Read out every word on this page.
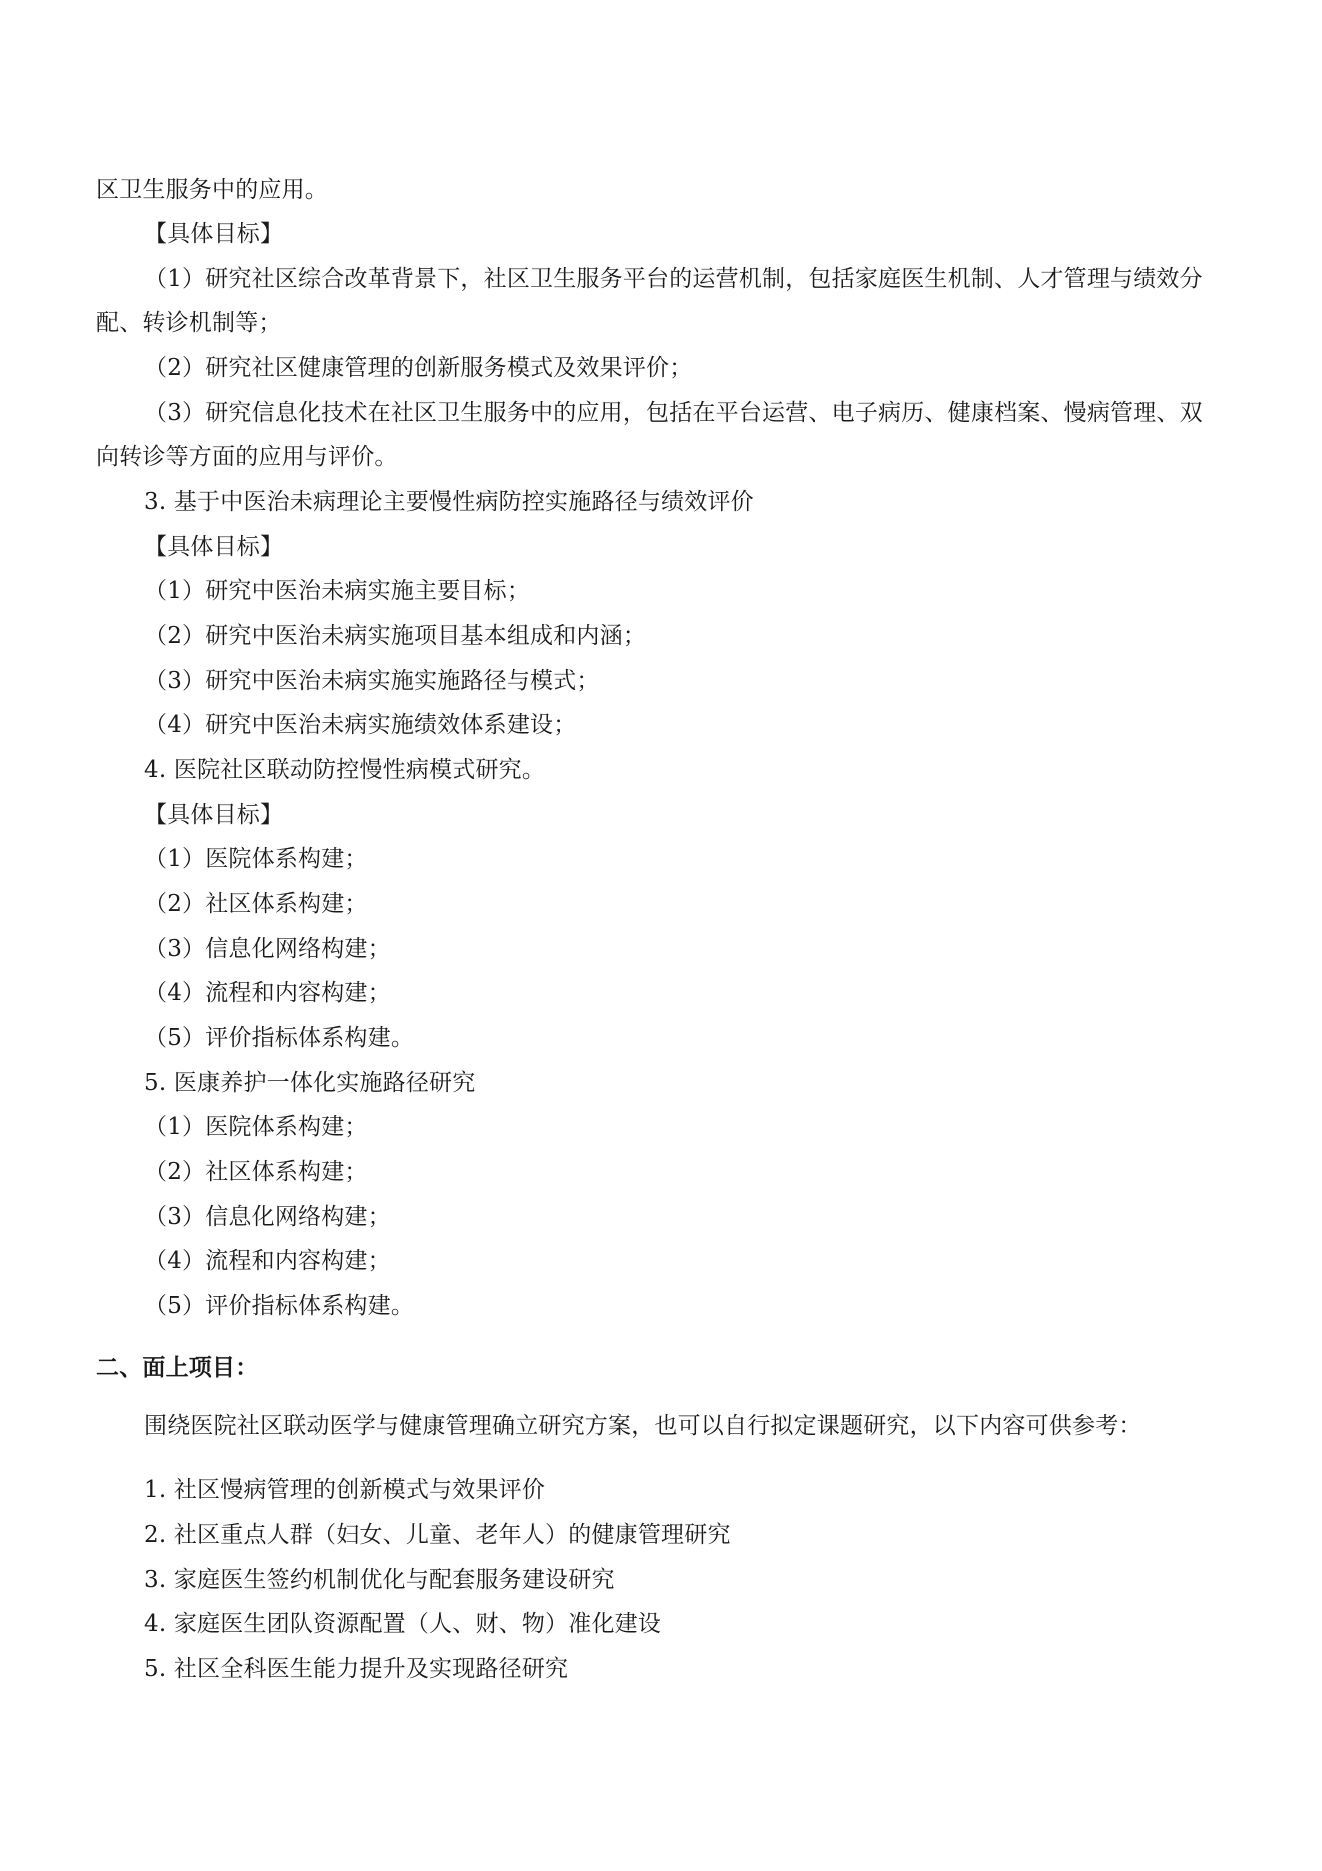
区卫生服务中的应用。
【具体目标】
（1）研究社区综合改革背景下，社区卫生服务平台的运营机制，包括家庭医生机制、人才管理与绩效分
配、转诊机制等；
（2）研究社区健康管理的创新服务模式及效果评价；
（3）研究信息化技术在社区卫生服务中的应用，包括在平台运营、电子病历、健康档案、慢病管理、双
向转诊等方面的应用与评价。
3. 基于中医治未病理论主要慢性病防控实施路径与绩效评价
【具体目标】
（1）研究中医治未病实施主要目标；
（2）研究中医治未病实施项目基本组成和内涵；
（3）研究中医治未病实施实施路径与模式；
（4）研究中医治未病实施绩效体系建设；
4. 医院社区联动防控慢性病模式研究。
【具体目标】
（1）医院体系构建；
（2）社区体系构建；
（3）信息化网络构建；
（4）流程和内容构建；
（5）评价指标体系构建。
5. 医康养护一体化实施路径研究
（1）医院体系构建；
（2）社区体系构建；
（3）信息化网络构建；
（4）流程和内容构建；
（5）评价指标体系构建。
二、面上项目：
围绕医院社区联动医学与健康管理确立研究方案，也可以自行拟定课题研究，以下内容可供参考：
1. 社区慢病管理的创新模式与效果评价
2. 社区重点人群（妇女、儿童、老年人）的健康管理研究
3. 家庭医生签约机制优化与配套服务建设研究
4. 家庭医生团队资源配置（人、财、物）准化建设
5. 社区全科医生能力提升及实现路径研究
